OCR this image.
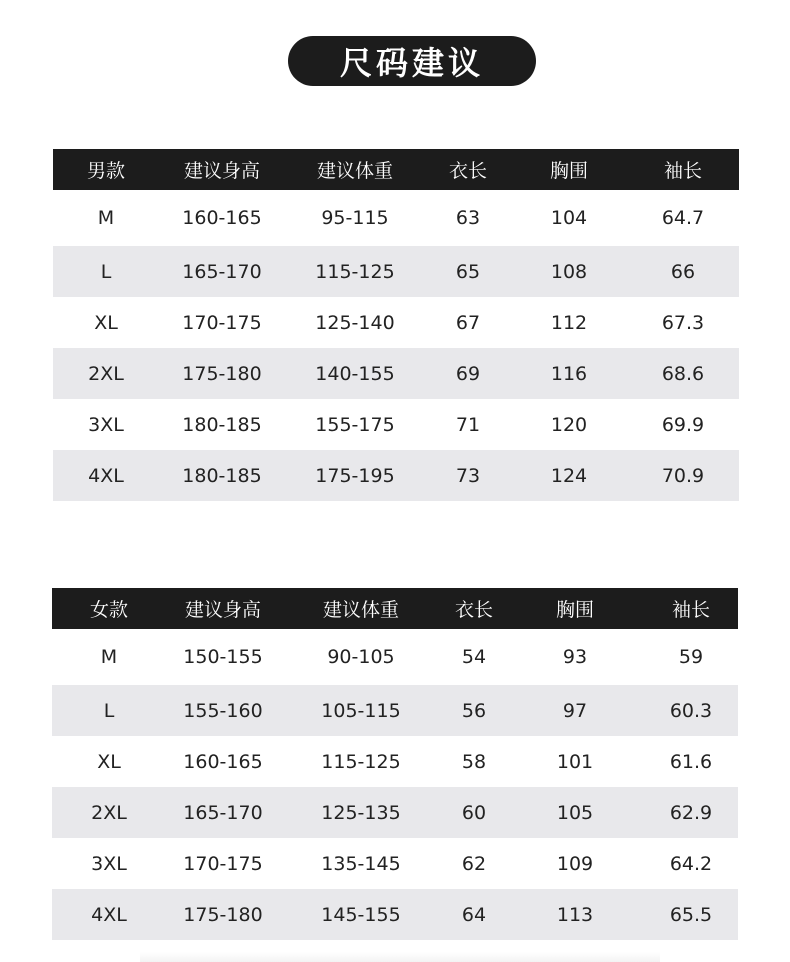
尺码建议
男款	建议身高	建议体重	衣长	胸围	袖长
M	160-165	95-115	63	104	64.7
L	165-170	115-125	65	108	66
XL	170-175	125-140	67	112	67.3
2XL	175-180	140-155	69	116	68.6
3XL	180-185	155-175	71	120	69.9
4XL	180-185	175-195	73	124	70.9
女款	建议身高	建议体重	衣长	胸围	袖长
M	150-155	90-105	54	93	59
L	155-160	105-115	56	97	60.3
XL	160-165	115-125	58	101	61.6
2XL	165-170	125-135	60	105	62.9
3XL	170-175	135-145	62	109	64.2
4XL	175-180	145-155	64	113	65.5
